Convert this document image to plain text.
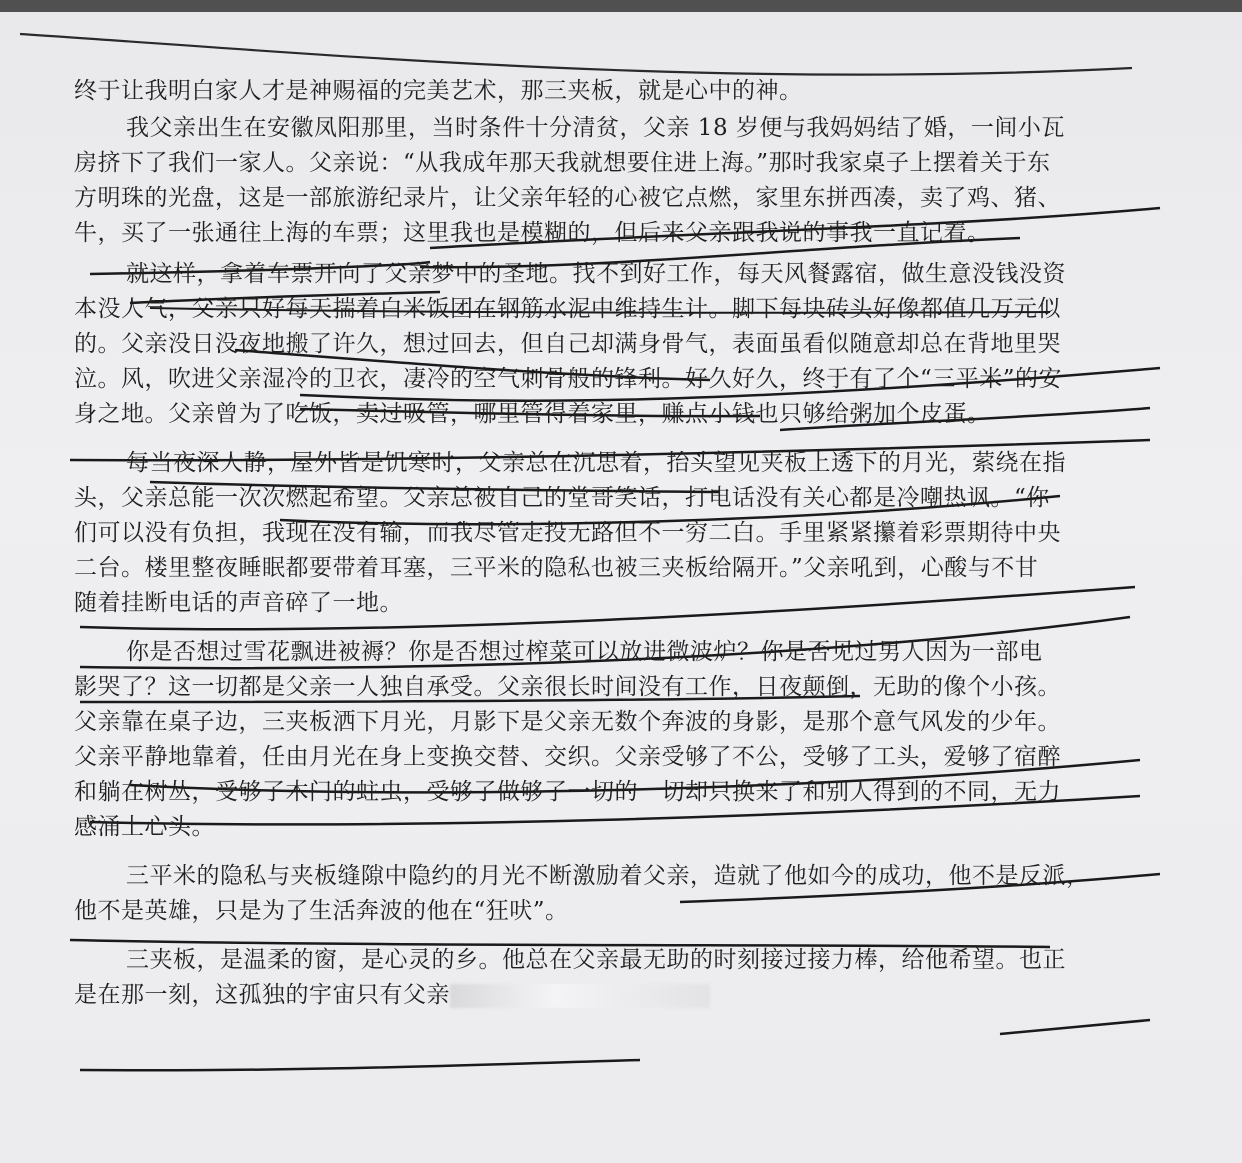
终于让我明白家人才是神赐福的完美艺术，那三夹板，就是心中的神。

我父亲出生在安徽凤阳那里，当时条件十分清贫，父亲 18 岁便与我妈妈结了婚，一间小瓦
房挤下了我们一家人。父亲说：“从我成年那天我就想要住进上海。”那时我家桌子上摆着关于东
方明珠的光盘，这是一部旅游纪录片，让父亲年轻的心被它点燃，家里东拼西凑，卖了鸡、猪、
牛，买了一张通往上海的车票；这里我也是模糊的，但后来父亲跟我说的事我一直记着。

就这样，拿着车票开向了父亲梦中的圣地。找不到好工作，每天风餐露宿，做生意没钱没资
本没人气，父亲只好每天揣着白米饭团在钢筋水泥中维持生计。脚下每块砖头好像都值几万元似
的。父亲没日没夜地搬了许久，想过回去，但自己却满身骨气，表面虽看似随意却总在背地里哭
泣。风，吹进父亲湿冷的卫衣，凄冷的空气刺骨般的锋利。好久好久，终于有了个“三平米”的安
身之地。父亲曾为了吃饭，卖过吸管，哪里管得着家里，赚点小钱也只够给粥加个皮蛋。

每当夜深人静，屋外皆是饥寒时，父亲总在沉思着，抬头望见夹板上透下的月光，萦绕在指
头，父亲总能一次次燃起希望。父亲总被自己的堂哥笑话，打电话没有关心都是冷嘲热讽。“你
们可以没有负担，我现在没有输，而我尽管走投无路但不一穷二白。手里紧紧攥着彩票期待中央
二台。楼里整夜睡眠都要带着耳塞，三平米的隐私也被三夹板给隔开。”父亲吼到，心酸与不甘
随着挂断电话的声音碎了一地。

你是否想过雪花飘进被褥？你是否想过榨菜可以放进微波炉？你是否见过男人因为一部电
影哭了？这一切都是父亲一人独自承受。父亲很长时间没有工作，日夜颠倒，无助的像个小孩。
父亲靠在桌子边，三夹板洒下月光，月影下是父亲无数个奔波的身影，是那个意气风发的少年。
父亲平静地靠着，任由月光在身上变换交替、交织。父亲受够了不公，受够了工头，爱够了宿醉
和躺在树丛，受够了木门的蛀虫，受够了做够了一切的一切却只换来了和别人得到的不同，无力
感涌上心头。

三平米的隐私与夹板缝隙中隐约的月光不断激励着父亲，造就了他如今的成功，他不是反派，
他不是英雄，只是为了生活奔波的他在“狂吠”。

三夹板，是温柔的窗，是心灵的乡。他总在父亲最无助的时刻接过接力棒，给他希望。也正
是在那一刻，这孤独的宇宙只有父亲
